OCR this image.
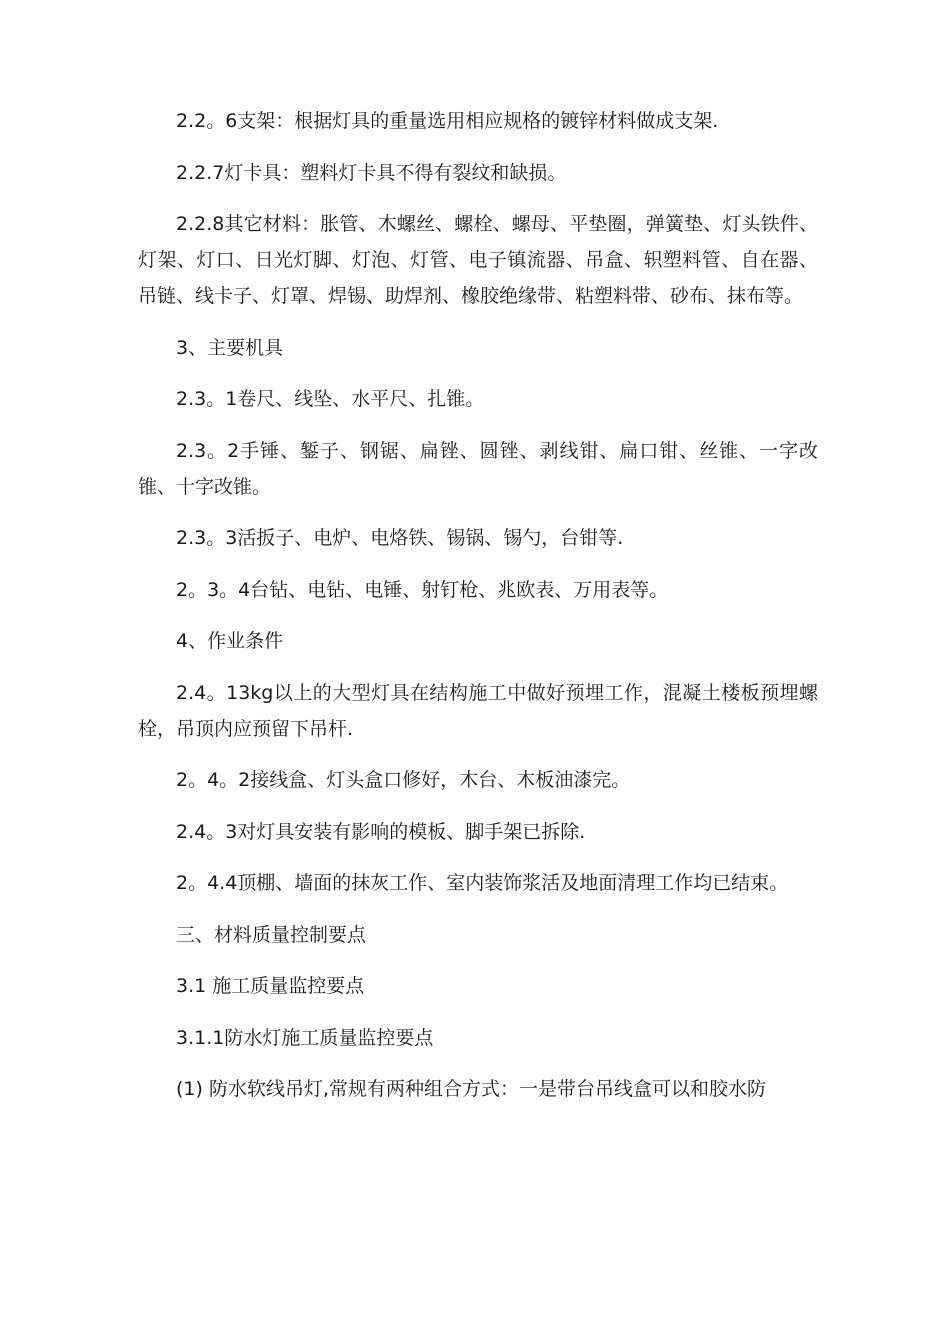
2.2。6支架：根据灯具的重量选用相应规格的镀锌材料做成支架.

2.2.7灯卡具：塑料灯卡具不得有裂纹和缺损。

2.2.8其它材料：胀管、木螺丝、螺栓、螺母、平垫圈，弹簧垫、灯头铁件、灯架、灯口、日光灯脚、灯泡、灯管、电子镇流器、吊盒、轵塑料管、自在器、吊链、线卡子、灯罩、焊锡、助焊剂、橡胶绝缘带、粘塑料带、砂布、抹布等。

3、主要机具

2.3。1卷尺、线坠、水平尺、扎锥。

2.3。2手锤、錾子、钢锯、扁锉、圆锉、剥线钳、扁口钳、丝锥、一字改锥、十字改锥。

2.3。3活扳子、电炉、电烙铁、锡锅、锡勺，台钳等.

2。3。4台钻、电钻、电锤、射钉枪、兆欧表、万用表等。

4、作业条件

2.4。13kg以上的大型灯具在结构施工中做好预埋工作，混凝土楼板预埋螺栓，吊顶内应预留下吊杆.

2。4。2接线盒、灯头盒口修好，木台、木板油漆完。

2.4。3对灯具安装有影响的模板、脚手架已拆除.

2。4.4顶棚、墙面的抹灰工作、室内装饰浆活及地面清理工作均已结束。

三、材料质量控制要点

3.1 施工质量监控要点

3.1.1防水灯施工质量监控要点

(1) 防水软线吊灯,常规有两种组合方式：一是带台吊线盒可以和胶水防
